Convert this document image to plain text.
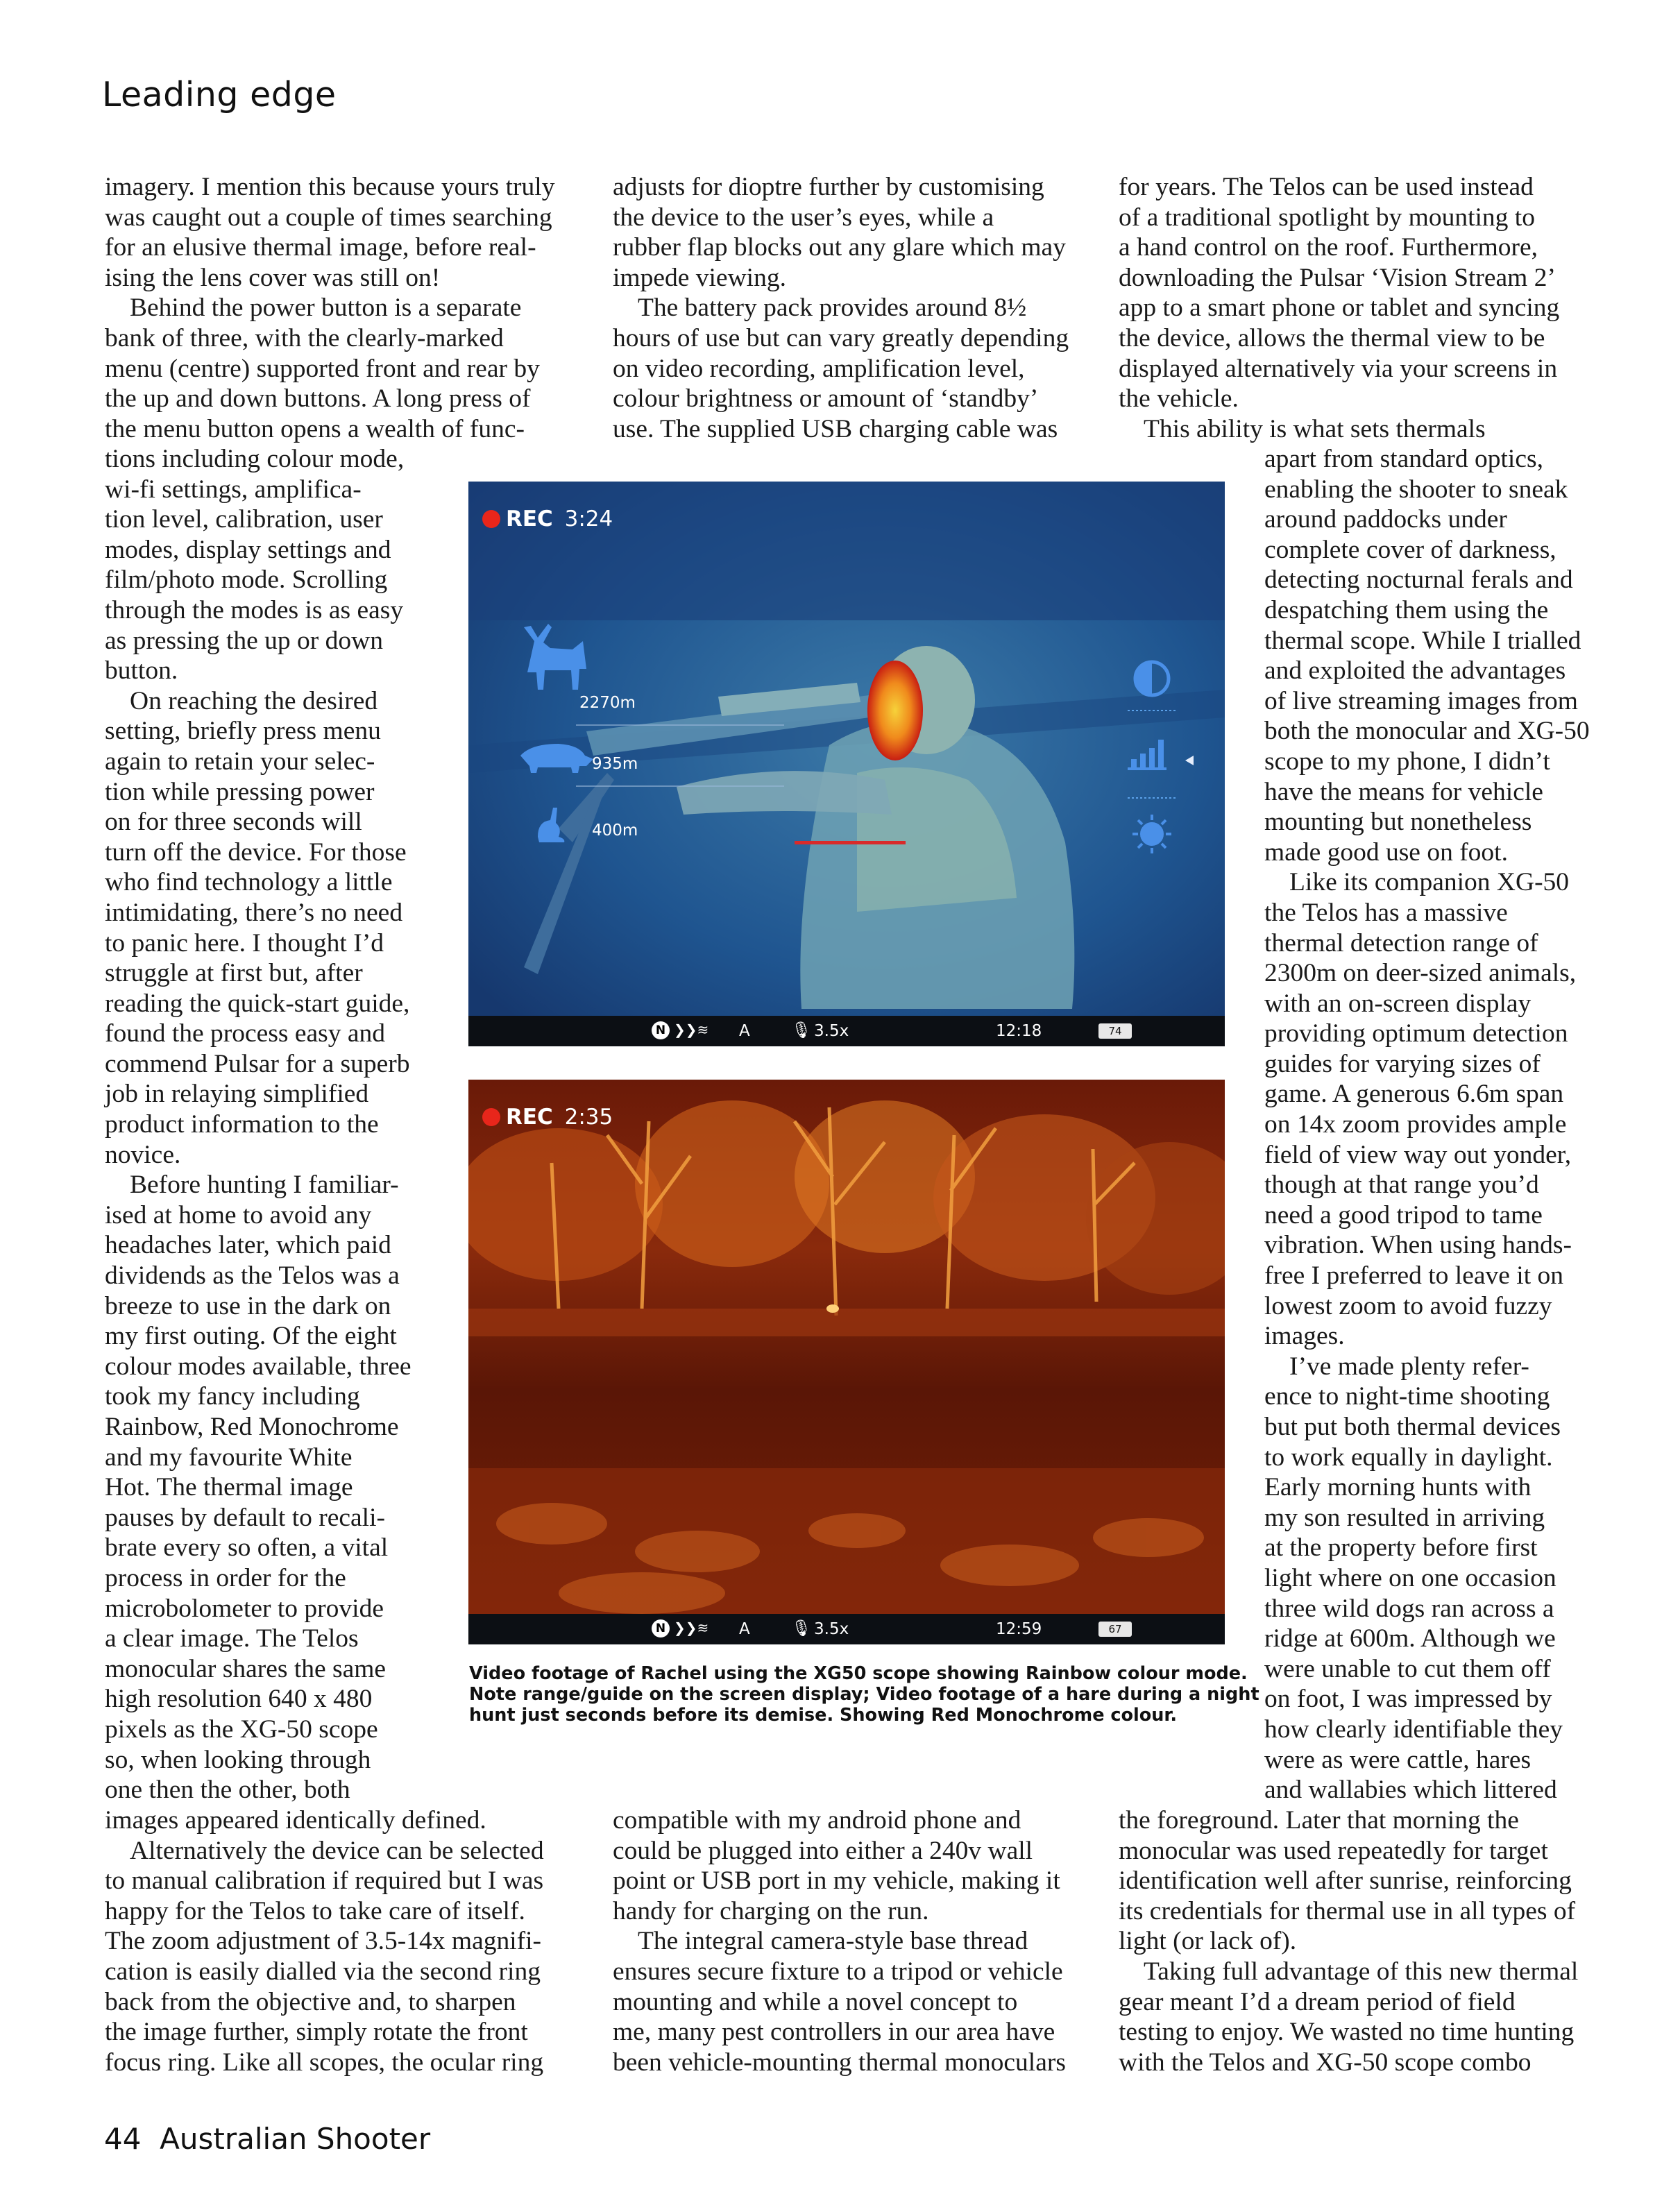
Leading edge

imagery. I mention this because yours truly

was caught out a couple of times searching

for an elusive thermal image, before real-

ising the lens cover was still on!

Behind the power button is a separate

bank of three, with the clearly-marked

menu (centre) supported front and rear by

the up and down buttons. A long press of

the menu button opens a wealth of func-

tions including colour mode,

wi-fi settings, amplifica-

tion level, calibration, user

modes, display settings and

film/photo mode. Scrolling

through the modes is as easy

as pressing the up or down

button.

On reaching the desired

setting, briefly press menu

again to retain your selec-

tion while pressing power

on for three seconds will

turn off the device. For those

who find technology a little

intimidating, there’s no need

to panic here. I thought I’d

struggle at first but, after

reading the quick-start guide,

found the process easy and

commend Pulsar for a superb

job in relaying simplified

product information to the

novice.

Before hunting I familiar-

ised at home to avoid any

headaches later, which paid

dividends as the Telos was a

breeze to use in the dark on

my first outing. Of the eight

colour modes available, three

took my fancy including

Rainbow, Red Monochrome

and my favourite White

Hot. The thermal image

pauses by default to recali-

brate every so often, a vital

process in order for the

microbolometer to provide

a clear image. The Telos

monocular shares the same

high resolution 640 x 480

pixels as the XG-50 scope

so, when looking through

one then the other, both

images appeared identically defined.

Alternatively the device can be selected

to manual calibration if required but I was

happy for the Telos to take care of itself.

The zoom adjustment of 3.5-14x magnifi-

cation is easily dialled via the second ring

back from the objective and, to sharpen

the image further, simply rotate the front

focus ring. Like all scopes, the ocular ring

adjusts for dioptre further by customising

the device to the user’s eyes, while a

rubber flap blocks out any glare which may

impede viewing.

The battery pack provides around 8½

hours of use but can vary greatly depending

on video recording, amplification level,

colour brightness or amount of ‘standby’

use. The supplied USB charging cable was

compatible with my android phone and

could be plugged into either a 240v wall

point or USB port in my vehicle, making it

handy for charging on the run.

The integral camera-style base thread

ensures secure fixture to a tripod or vehicle

mounting and while a novel concept to

me, many pest controllers in our area have

been vehicle-mounting thermal monoculars

for years. The Telos can be used instead

of a traditional spotlight by mounting to

a hand control on the roof. Furthermore,

downloading the Pulsar ‘Vision Stream 2’

app to a smart phone or tablet and syncing

the device, allows the thermal view to be

displayed alternatively via your screens in

the vehicle.

This ability is what sets thermals

apart from standard optics,

enabling the shooter to sneak

around paddocks under

complete cover of darkness,

detecting nocturnal ferals and

despatching them using the

thermal scope. While I trialled

and exploited the advantages

of live streaming images from

both the monocular and XG-50

scope to my phone, I didn’t

have the means for vehicle

mounting but nonetheless

made good use on foot.

Like its companion XG-50

the Telos has a massive

thermal detection range of

2300m on deer-sized animals,

with an on-screen display

providing optimum detection

guides for varying sizes of

game. A generous 6.6m span

on 14x zoom provides ample

field of view way out yonder,

though at that range you’d

need a good tripod to tame

vibration. When using hands-

free I preferred to leave it on

lowest zoom to avoid fuzzy

images.

I’ve made plenty refer-

ence to night-time shooting

but put both thermal devices

to work equally in daylight.

Early morning hunts with

my son resulted in arriving

at the property before first

light where on one occasion

three wild dogs ran across a

ridge at 600m. Although we

were unable to cut them off

on foot, I was impressed by

how clearly identifiable they

were as were cattle, hares

and wallabies which littered

the foreground. Later that morning the

monocular was used repeatedly for target

identification well after sunrise, reinforcing

its credentials for thermal use in all types of

light (or lack of).

Taking full advantage of this new thermal

gear meant I’d a dream period of field

testing to enjoy. We wasted no time hunting

with the Telos and XG-50 scope combo

REC 3:24
2270m
935m
400m
N ❯❯≋ A	🎙︎ 3.5x	12:18	74
REC 2:35
N ❯❯≋ A	🎙︎ 3.5x	12:59	67

Video footage of Rachel using the XG50 scope showing Rainbow colour mode.

Note range/guide on the screen display; Video footage of a hare during a night

hunt just seconds before its demise. Showing Red Monochrome colour.

44 Australian Shooter
